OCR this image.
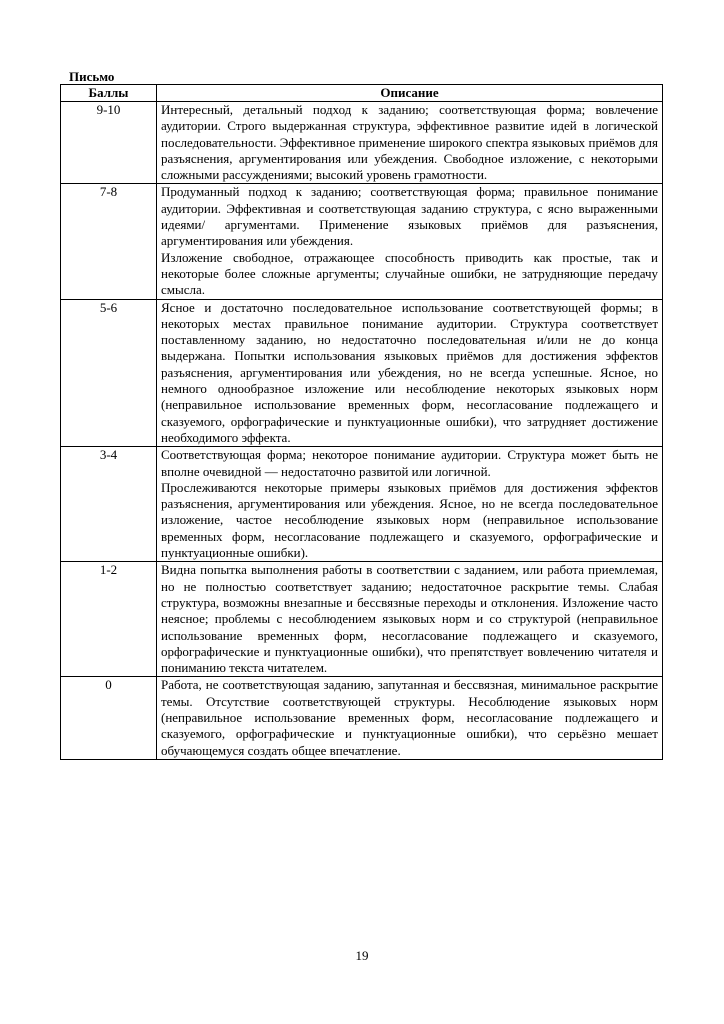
Письмо
Баллы	Описание
9-10	Интересный, детальный подход к заданию; соответствующая форма; вовлечение аудитории. Строго выдержанная структура, эффективное развитие идей в логической последовательности. Эффективное применение широкого спектра языковых приёмов для разъяснения, аргументирования или убеждения. Свободное изложение, с некоторыми сложными рассуждениями; высокий уровень грамотности.

7-8	Продуманный подход к заданию; соответствующая форма; правильное понимание аудитории. Эффективная и соответствующая заданию структура, с ясно выраженными идеями/ аргументами. Применение языковых приёмов для разъяснения, аргументирования или убеждения.

Изложение свободное, отражающее способность приводить как простые, так и некоторые более сложные аргументы; случайные ошибки, не затрудняющие передачу смысла.

5-6	Ясное и достаточно последовательное использование соответствующей формы; в некоторых местах правильное понимание аудитории. Структура соответствует поставленному заданию, но недостаточно последовательная и/или не до конца выдержана. Попытки использования языковых приёмов для достижения эффектов разъяснения, аргументирования или убеждения, но не всегда успешные. Ясное, но немного однообразное изложение или несоблюдение некоторых языковых норм (неправильное использование временных форм, несогласование подлежащего и сказуемого, орфографические и пунктуационные ошибки), что затрудняет достижение необходимого эффекта.

3-4	Соответствующая форма; некоторое понимание аудитории. Структура может быть не вполне очевидной — недостаточно развитой или логичной.

Прослеживаются некоторые примеры языковых приёмов для достижения эффектов разъяснения, аргументирования или убеждения. Ясное, но не всегда последовательное изложение, частое несоблюдение языковых норм (неправильное использование временных форм, несогласование подлежащего и сказуемого, орфографические и пунктуационные ошибки).

1-2	Видна попытка выполнения работы в соответствии с заданием, или работа приемлемая, но не полностью соответствует заданию; недостаточное раскрытие темы. Слабая структура, возможны внезапные и бессвязные переходы и отклонения. Изложение часто неясное; проблемы с несоблюдением языковых норм и со структурой (неправильное использование временных форм, несогласование подлежащего и сказуемого, орфографические и пунктуационные ошибки), что препятствует вовлечению читателя и пониманию текста читателем.

0	Работа, не соответствующая заданию, запутанная и бессвязная, минимальное раскрытие темы. Отсутствие соответствующей структуры. Несоблюдение языковых норм (неправильное использование временных форм, несогласование подлежащего и сказуемого, орфографические и пунктуационные ошибки), что серьёзно мешает обучающемуся создать общее впечатление.

19
